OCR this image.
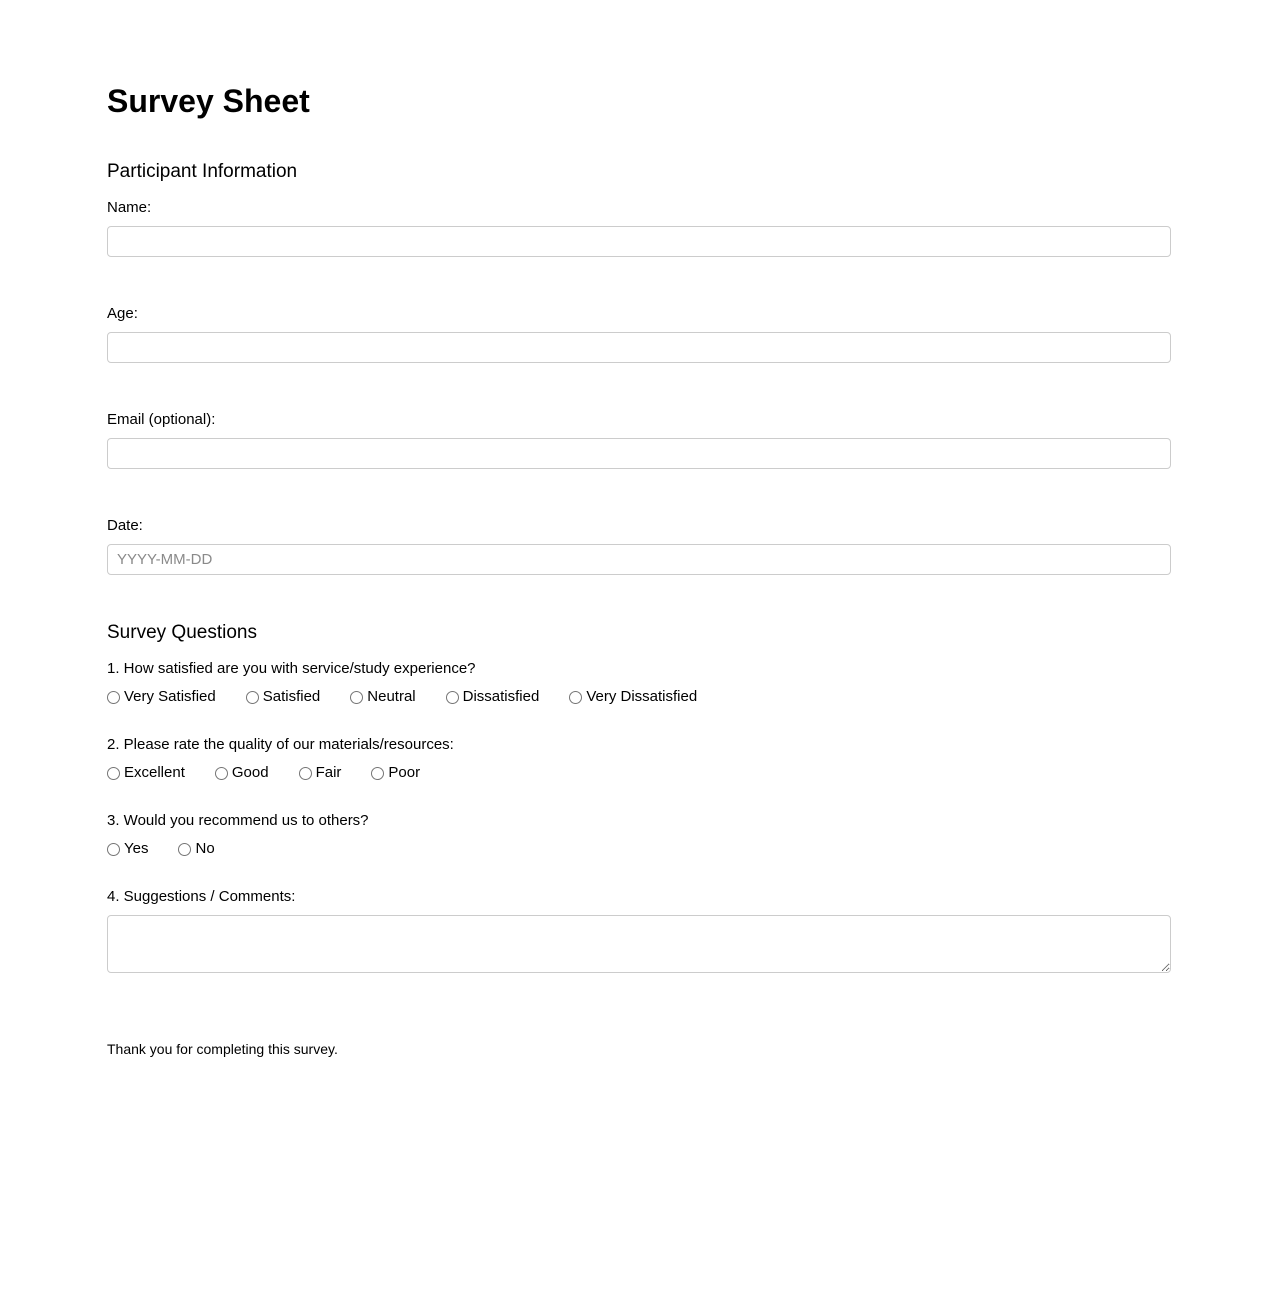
Survey Sheet
Participant Information
Name:
Age:
Email (optional):
Date:
YYYY-MM-DD
Survey Questions
1. How satisfied are you with service/study experience?
Very Satisfied	Satisfied	Neutral	Dissatisfied	Very Dissatisfied
2. Please rate the quality of our materials/resources:
Excellent	Good	Fair	Poor
3. Would you recommend us to others?
Yes	No
4. Suggestions / Comments:

Thank you for completing this survey.
